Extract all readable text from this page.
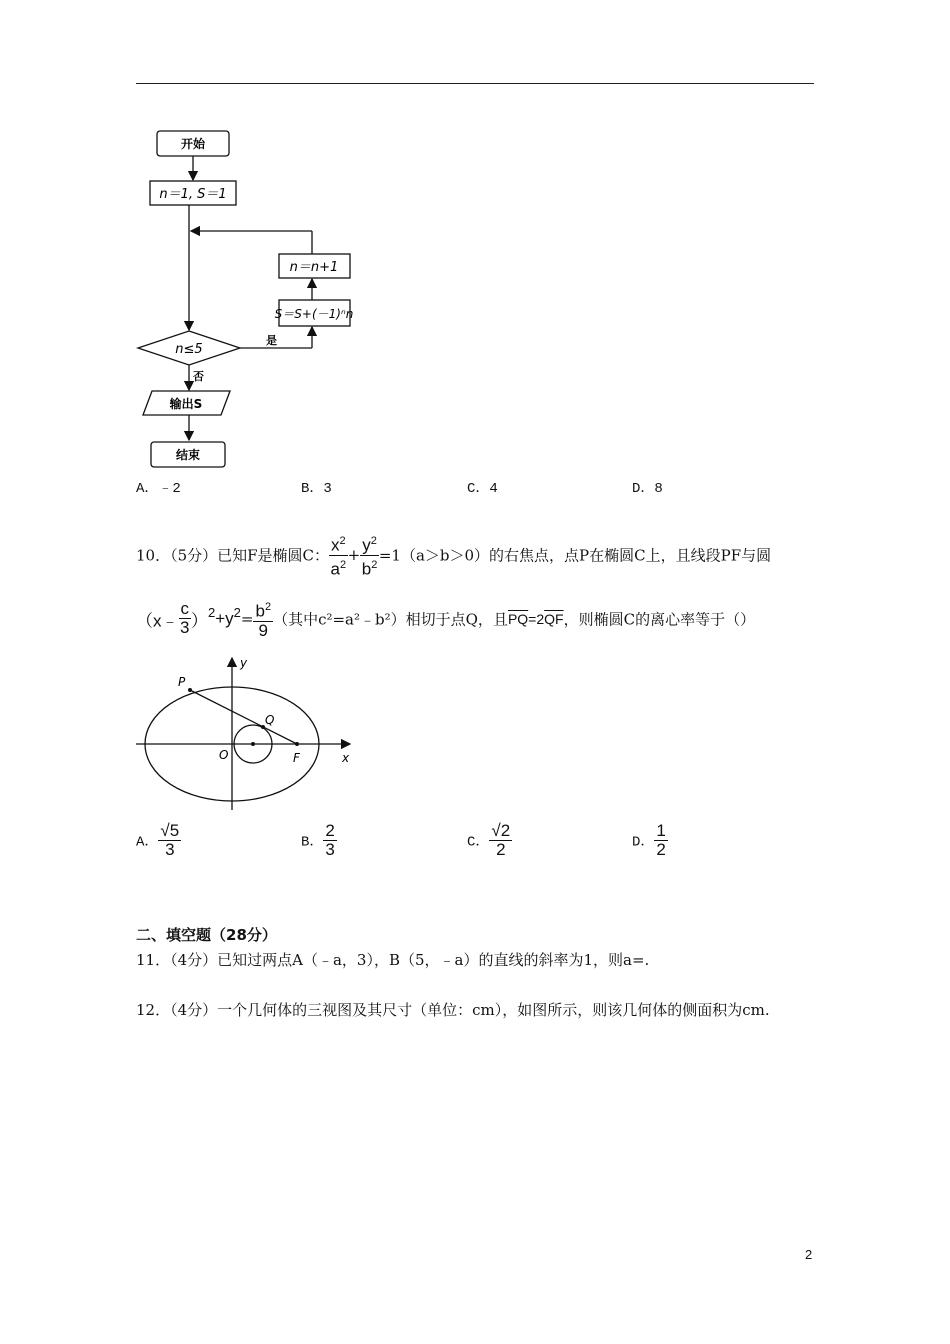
开始
n＝1, S＝1
n＝n+1
S＝S+(－1)ⁿn
n≤5
是
否
输出S
结束
A．﹣2	B．3	C．4	D．8
10．（5分）已知F是椭圆C： $\frac{x^2}{a^2} + \frac{y^2}{b^2} =1(a>b>0)$的右焦点，点P在椭圆C上，且线段PF与圆
（x﹣ $\frac{c}{3} )^2+y^2= \frac{b^2}{9}$ （其中c²=a²﹣b²）相切于点Q，且$\overline{PQ}=2\overline{QF}$，则椭圆C的离心率等于（）
P
Q
O	F	x
y
A． $\frac{√5}{3}$	B． $\frac{2}{3}$	C． $\frac{√2}{2}$	D． $\frac{1}{2}$
二、填空题（28分）
11．（4分）已知过两点A（﹣a，3），B（5，﹣a）的直线的斜率为1，则a=.
12．（4分）一个几何体的三视图及其尺寸（单位：cm），如图所示，则该几何体的侧面积为cm.
2
